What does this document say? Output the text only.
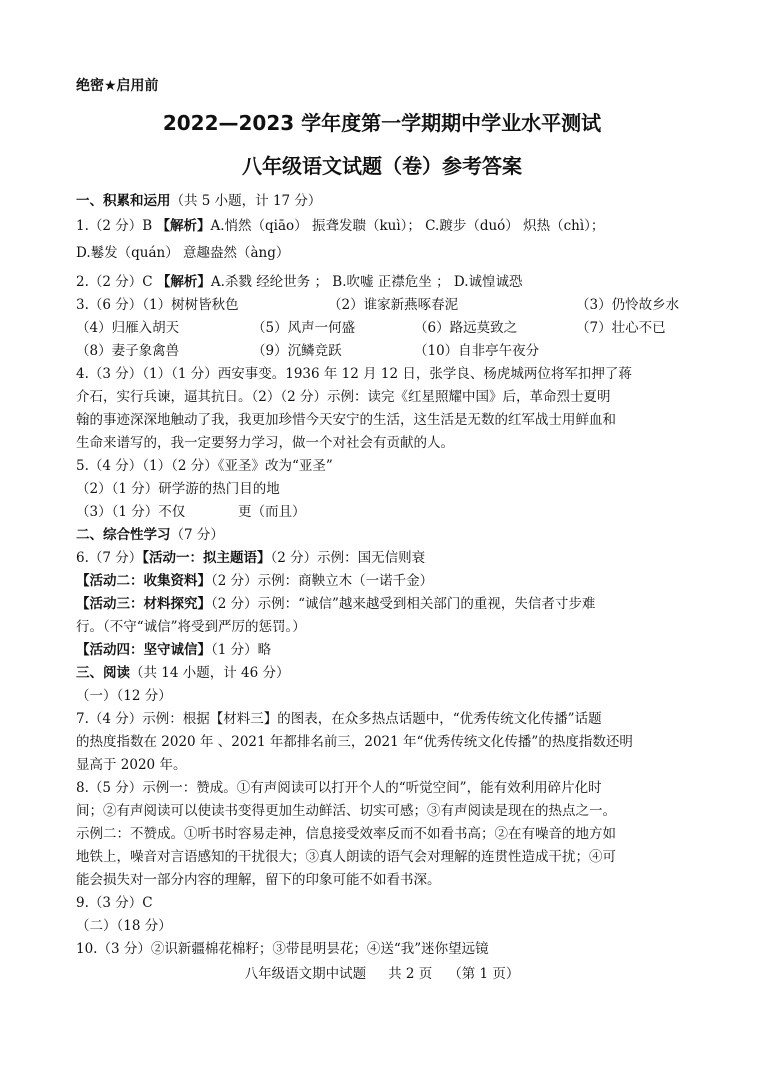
绝密★启用前
2022—2023 学年度第一学期期中学业水平测试
八年级语文试题（卷）参考答案
一、积累和运用（共 5 小题，计 17 分）
1.（2 分）B 【解析】A.悄然（qiāo） 振聋发聩（kuì）； C.踱步（duó） 炽热（chì）；
D.鬈发（quán） 意趣盎然（àng）
2.（2 分）C 【解析】A.杀戮 经纶世务 ； B.吹嘘 正襟危坐 ； D.诚惶诚恐
3.（6 分）（1）树树皆秋色	（2）谁家新燕啄春泥	（3）仍怜故乡水
（4）归雁入胡天	（5）风声一何盛	（6）路远莫致之	（7）壮心不已
（8）妻子象禽兽	（9）沉鳞竞跃	（10）自非亭午夜分
4.（3 分）（1）（1 分）西安事变。1936 年 12 月 12 日，张学良、杨虎城两位将军扣押了蒋
介石，实行兵谏，逼其抗日。（2）（2 分）示例：读完《红星照耀中国》后，革命烈士夏明
翰的事迹深深地触动了我，我更加珍惜今天安宁的生活，这生活是无数的红军战士用鲜血和
生命来谱写的，我一定要努力学习，做一个对社会有贡献的人。
5.（4 分）（1）（2 分）《亚圣》改为“亚圣”
（2）（1 分）研学游的热门目的地
（3）（1 分）不仅	更（而且）
二、综合性学习（7 分）
6.（7 分）【活动一：拟主题语】（2 分）示例：国无信则衰
【活动二：收集资料】（2 分）示例：商鞅立木（一诺千金）
【活动三：材料探究】（2 分）示例：“诚信”越来越受到相关部门的重视，失信者寸步难
行。（不守“诚信”将受到严厉的惩罚。）
【活动四：坚守诚信】（1 分）略
三、阅读（共 14 小题，计 46 分）
（一）（12 分）
7.（4 分）示例：根据【材料三】的图表，在众多热点话题中，“优秀传统文化传播”话题
的热度指数在 2020 年 、2021 年都排名前三，2021 年“优秀传统文化传播”的热度指数还明
显高于 2020 年。
8.（5 分）示例一：赞成。①有声阅读可以打开个人的“听觉空间”，能有效利用碎片化时
间；②有声阅读可以使读书变得更加生动鲜活、切实可感；③有声阅读是现在的热点之一。
示例二：不赞成。①听书时容易走神，信息接受效率反而不如看书高；②在有噪音的地方如
地铁上，噪音对言语感知的干扰很大；③真人朗读的语气会对理解的连贯性造成干扰；④可
能会损失对一部分内容的理解，留下的印象可能不如看书深。
9.（3 分）C
（二）（18 分）
10.（3 分）②识新疆棉花棉籽；③带昆明昙花；④送“我”迷你望远镜
八年级语文期中试题 共 2 页 （第 1 页）
